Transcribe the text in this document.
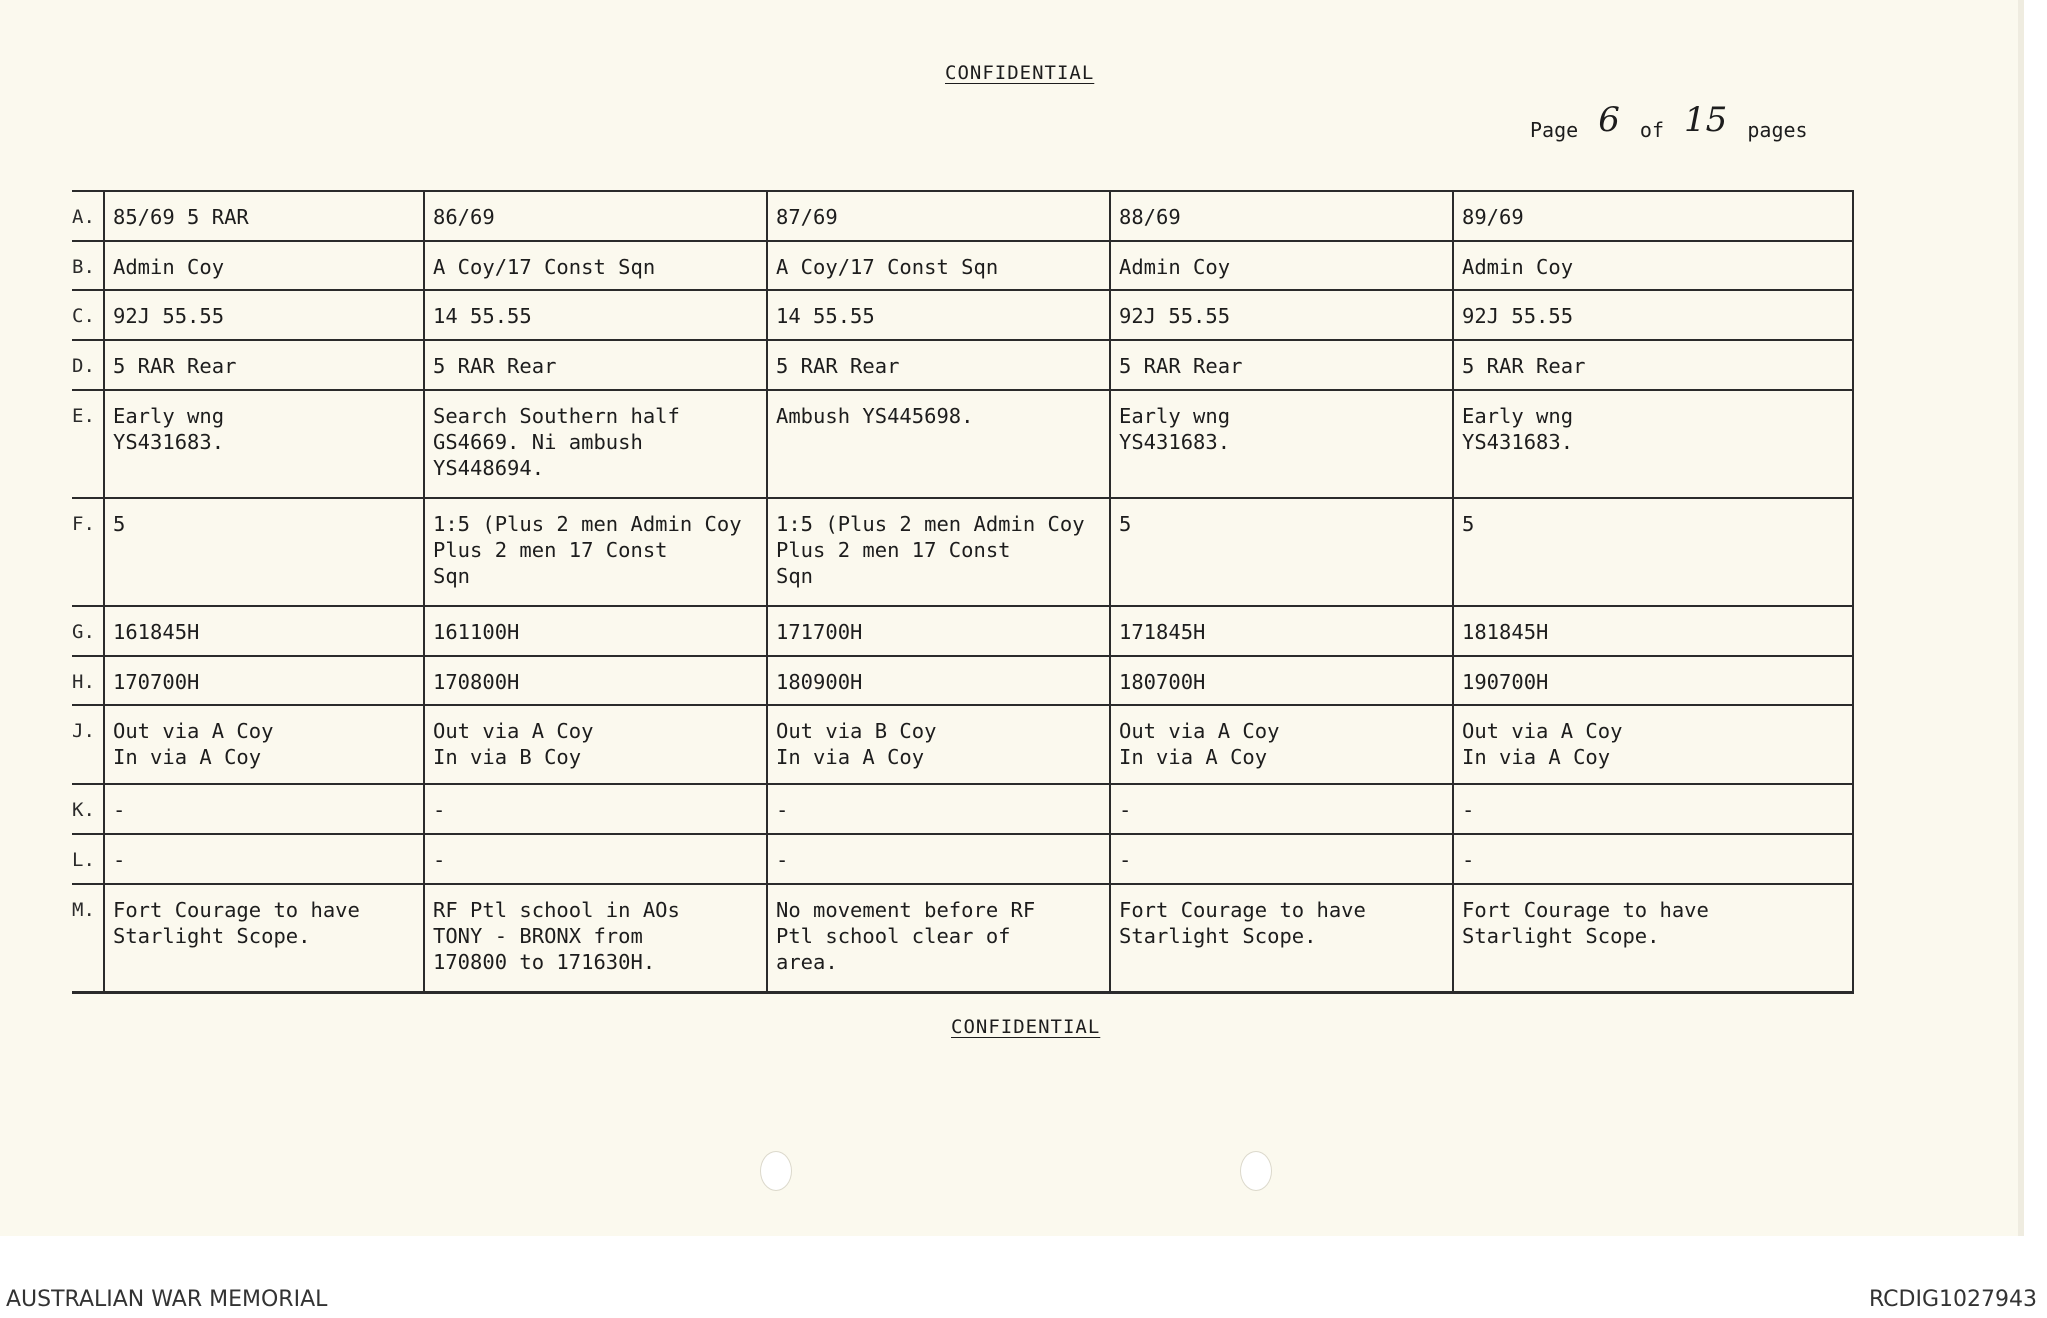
CONFIDENTIAL
Page 6 of 15 pages
A.	85/69 5 RAR	86/69	87/69	88/69	89/69
B.	Admin Coy	A Coy/17 Const Sqn	A Coy/17 Const Sqn	Admin Coy	Admin Coy
C.	92J 55.55	14 55.55	14 55.55	92J 55.55	92J 55.55
D.	5 RAR Rear	5 RAR Rear	5 RAR Rear	5 RAR Rear	5 RAR Rear
E.	Early wng
YS431683.	Search Southern half
GS4669. Ni ambush
YS448694.	Ambush YS445698.	Early wng
YS431683.	Early wng
YS431683.
F.	5	1:5 (Plus 2 men Admin Coy
Plus 2 men 17 Const
Sqn	1:5 (Plus 2 men Admin Coy
Plus 2 men 17 Const
Sqn	5	5
G.	161845H	161100H	171700H	171845H	181845H
H.	170700H	170800H	180900H	180700H	190700H
J.	Out via A Coy
In via A Coy	Out via A Coy
In via B Coy	Out via B Coy
In via A Coy	Out via A Coy
In via A Coy	Out via A Coy
In via A Coy
K.	-	-	-	-	-
L.	-	-	-	-	-
M.	Fort Courage to have
Starlight Scope.	RF Ptl school in AOs
TONY - BRONX from
170800 to 171630H.	No movement before RF
Ptl school clear of
area.	Fort Courage to have
Starlight Scope.	Fort Courage to have
Starlight Scope.
CONFIDENTIAL
AUSTRALIAN WAR MEMORIAL	RCDIG1027943
